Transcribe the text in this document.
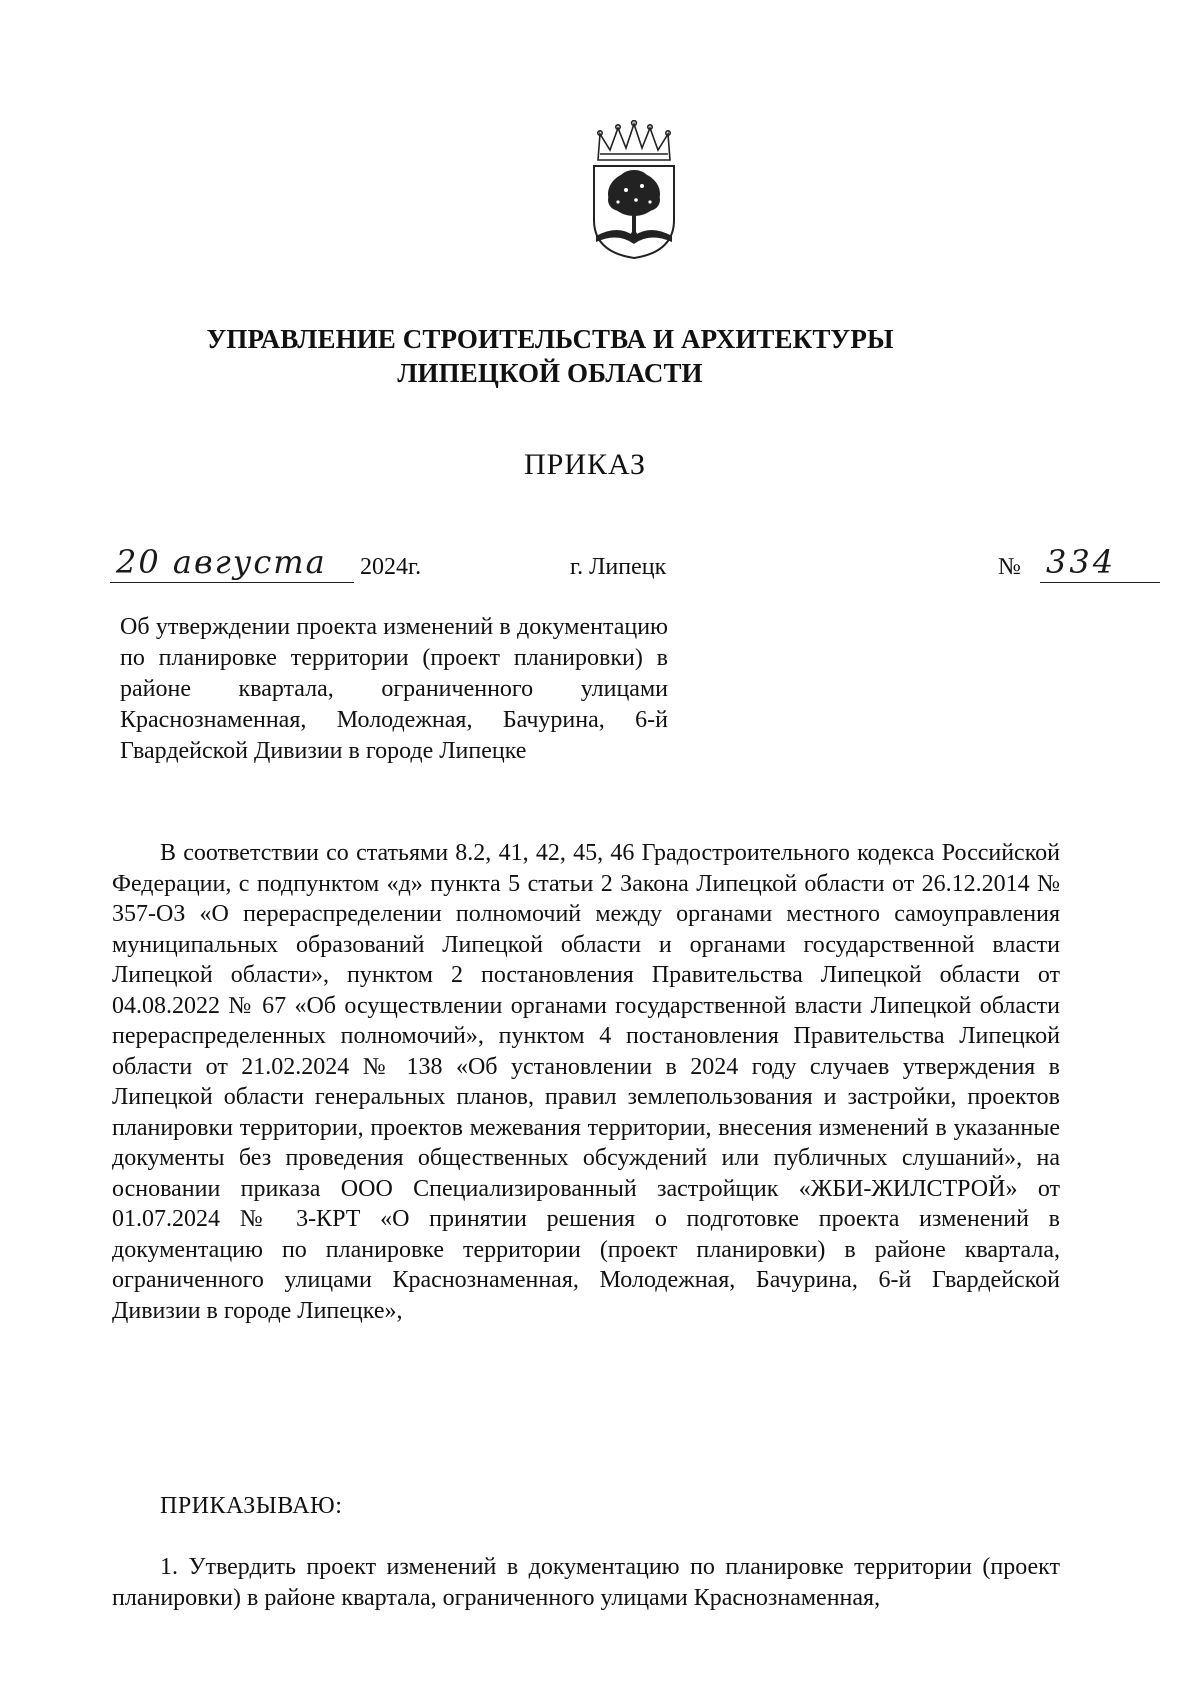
УПРАВЛЕНИЕ СТРОИТЕЛЬСТВА И АРХИТЕКТУРЫ
ЛИПЕЦКОЙ ОБЛАСТИ
ПРИКАЗ
20 августа 2024г.	г. Липецк	№ 334
Об утверждении проекта изменений в документацию по планировке территории (проект планировки) в районе квартала, ограниченного улицами Краснознаменная, Молодежная, Бачурина, 6-й Гвардейской Дивизии в городе Липецке

В соответствии со статьями 8.2, 41, 42, 45, 46 Градостроительного кодекса Российской Федерации, с подпунктом «д» пункта 5 статьи 2 Закона Липецкой области от 26.12.2014 № 357-ОЗ «О перераспределении полномочий между органами местного самоуправления муниципальных образований Липецкой области и органами государственной власти Липецкой области», пунктом 2 постановления Правительства Липецкой области от 04.08.2022 № 67 «Об осуществлении органами государственной власти Липецкой области перераспределенных полномочий», пунктом 4 постановления Правительства Липецкой области от 21.02.2024 № 138 «Об установлении в 2024 году случаев утверждения в Липецкой области генеральных планов, правил землепользования и застройки, проектов планировки территории, проектов межевания территории, внесения изменений в указанные документы без проведения общественных обсуждений или публичных слушаний», на основании приказа ООО Специализированный застройщик «ЖБИ-ЖИЛСТРОЙ» от 01.07.2024 № 3-КРТ «О принятии решения о подготовке проекта изменений в документацию по планировке территории (проект планировки) в районе квартала, ограниченного улицами Краснознаменная, Молодежная, Бачурина, 6-й Гвардейской Дивизии в городе Липецке»,

ПРИКАЗЫВАЮ:

1. Утвердить проект изменений в документацию по планировке территории (проект планировки) в районе квартала, ограниченного улицами Краснознаменная,
